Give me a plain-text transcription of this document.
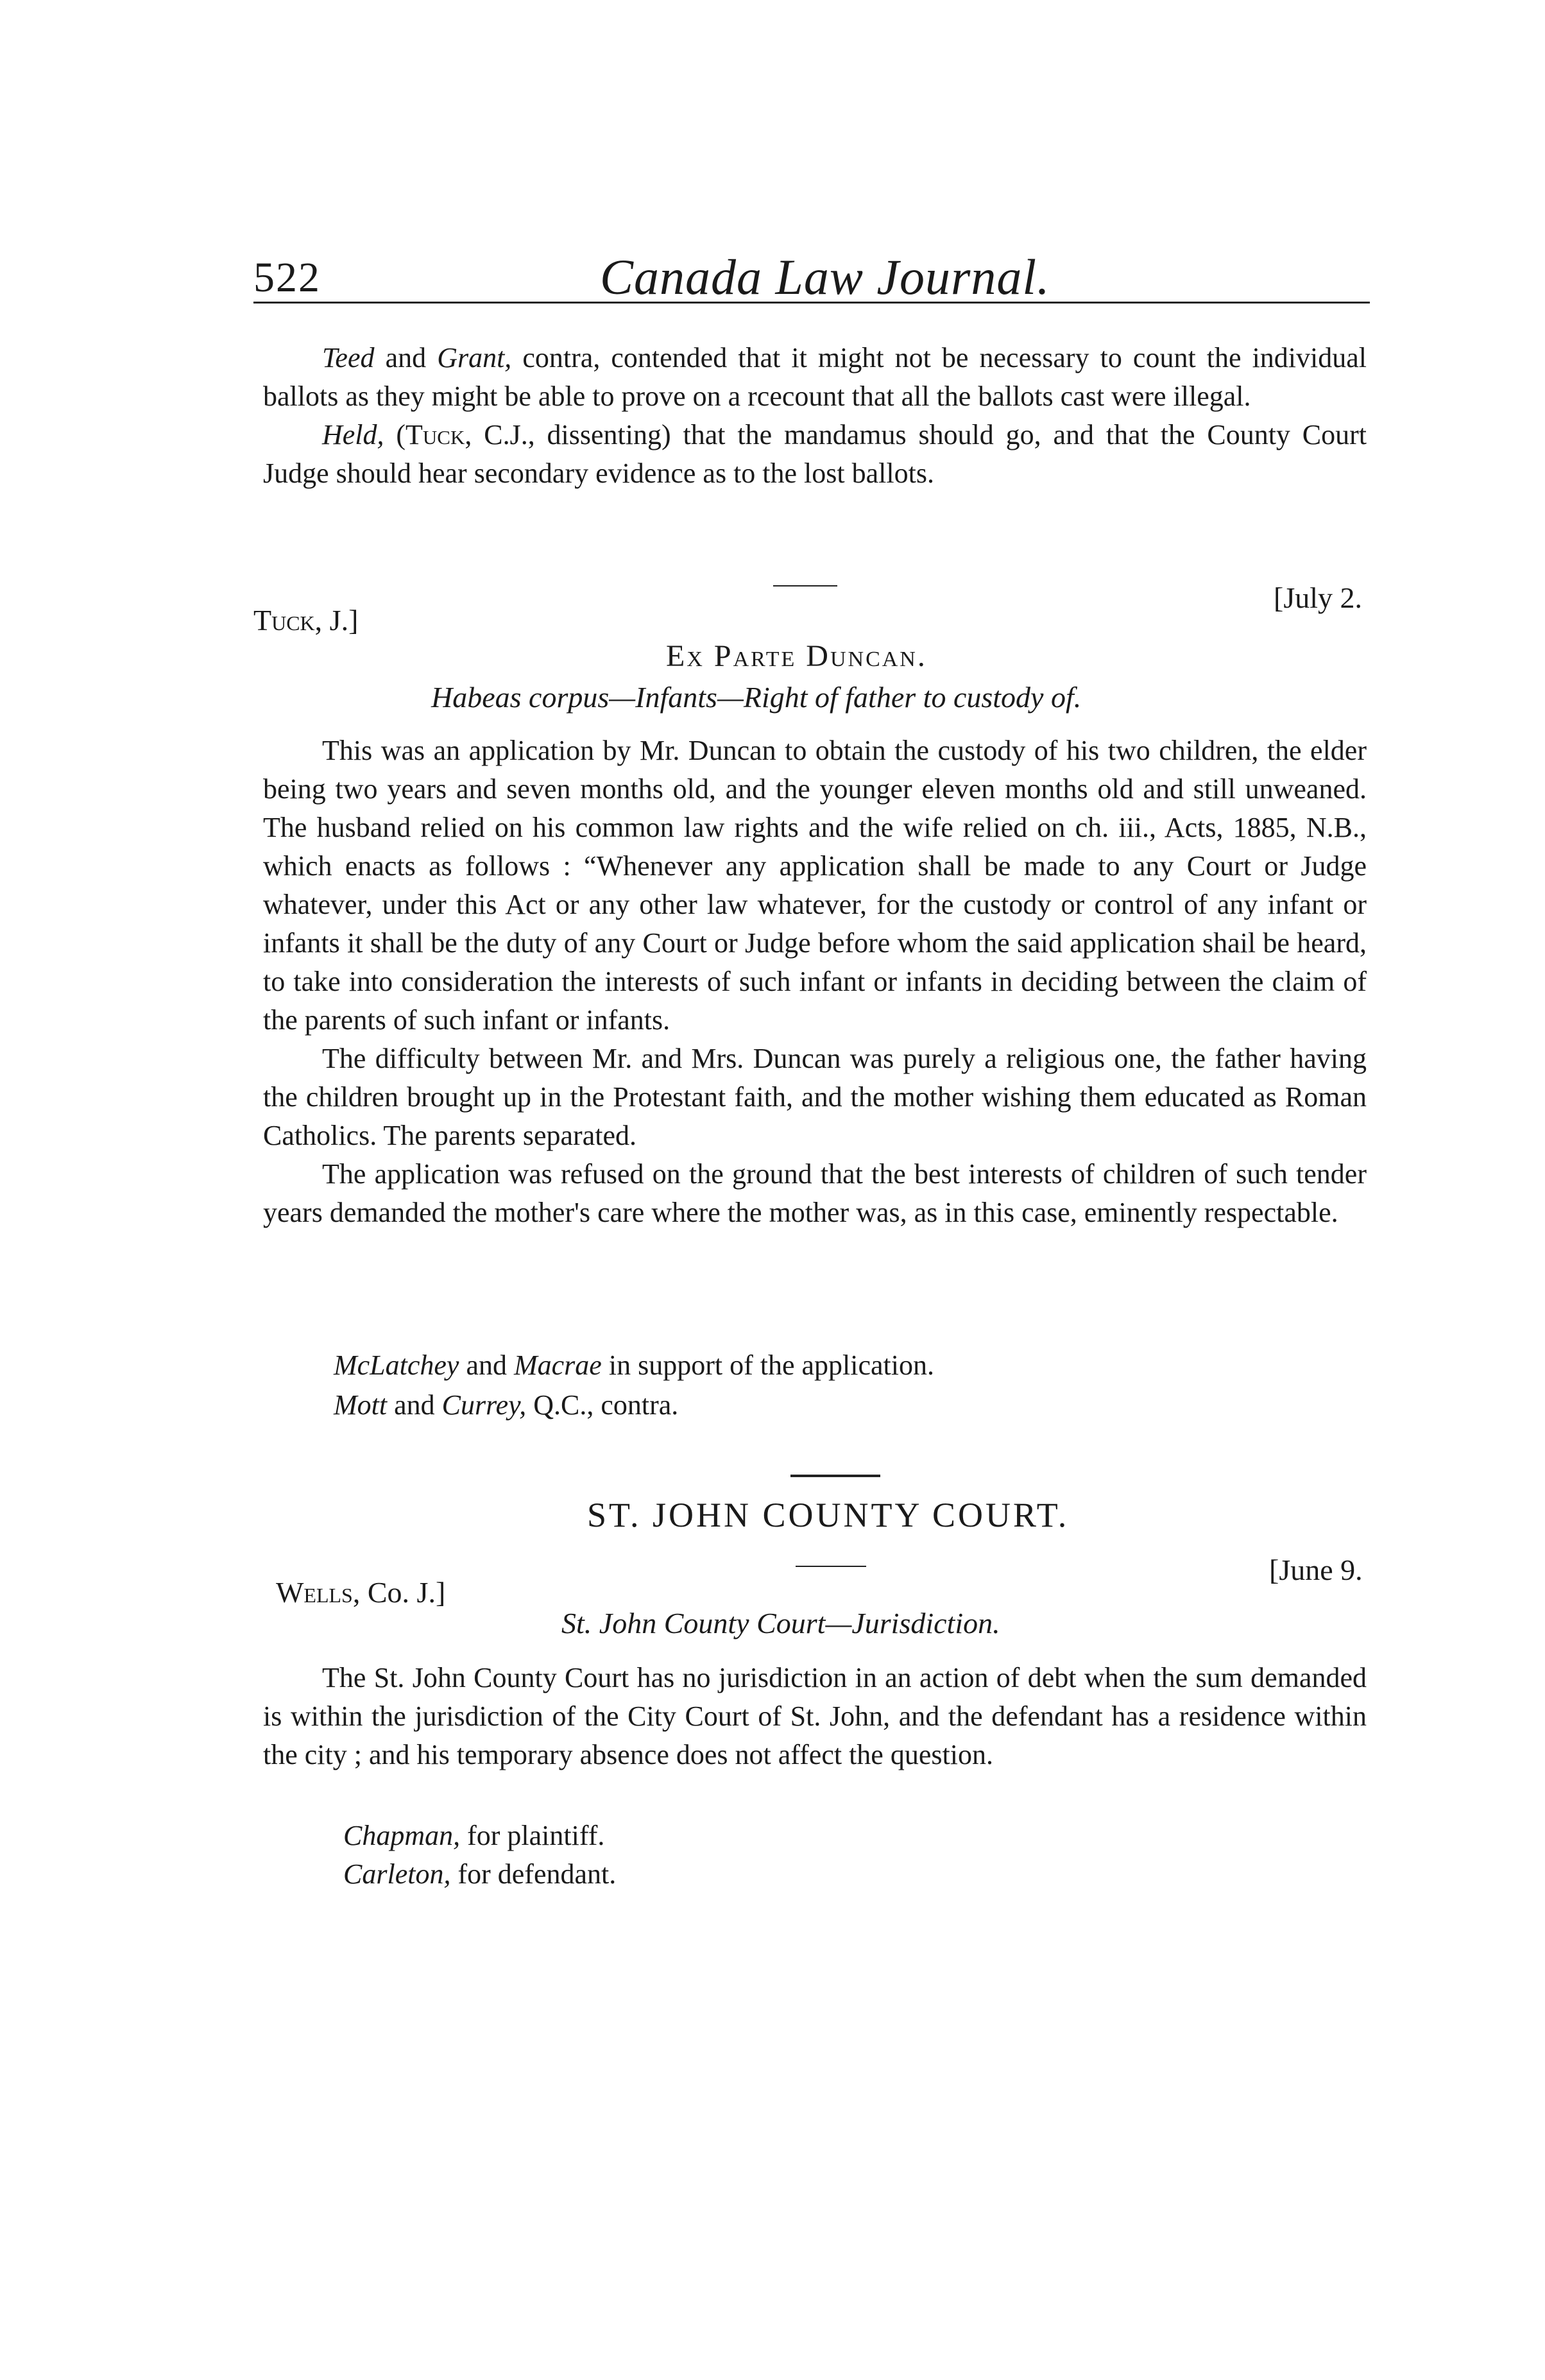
522	Canada Law Journal.

Teed and Grant, contra, contended that it might not be necessary to count the individual ballots as they might be able to prove on a rcecount that all the ballots cast were illegal.

Held, (Tuck, C.J., dissenting) that the mandamus should go, and that the County Court Judge should hear secondary evidence as to the lost ballots.

Tuck, J.]
[July 2.
Ex Parte Duncan.
Habeas corpus—Infants—Right of father to custody of.

This was an application by Mr. Duncan to obtain the custody of his two children, the elder being two years and seven months old, and the younger eleven months old and still unweaned. The husband relied on his common law rights and the wife relied on ch. iii., Acts, 1885, N.B., which enacts as follows : “Whenever any application shall be made to any Court or Judge whatever, under this Act or any other law whatever, for the custody or control of any infant or infants it shall be the duty of any Court or Judge before whom the said application shail be heard, to take into consideration the interests of such infant or infants in deciding between the claim of the parents of such infant or infants.

The difficulty between Mr. and Mrs. Duncan was purely a religious one, the father having the children brought up in the Protestant faith, and the mother wishing them educated as Roman Catholics. The parents separated.

The application was refused on the ground that the best interests of children of such tender years demanded the mother's care where the mother was, as in this case, eminently respectable.

McLatchey and Macrae in support of the application.
Mott and Currey, Q.C., contra.
ST. JOHN COUNTY COURT.
Wells, Co. J.]
[June 9.
St. John County Court—Jurisdiction.

The St. John County Court has no jurisdiction in an action of debt when the sum demanded is within the jurisdiction of the City Court of St. John, and the defendant has a residence within the city ; and his temporary absence does not affect the question.

Chapman, for plaintiff.
Carleton, for defendant.
